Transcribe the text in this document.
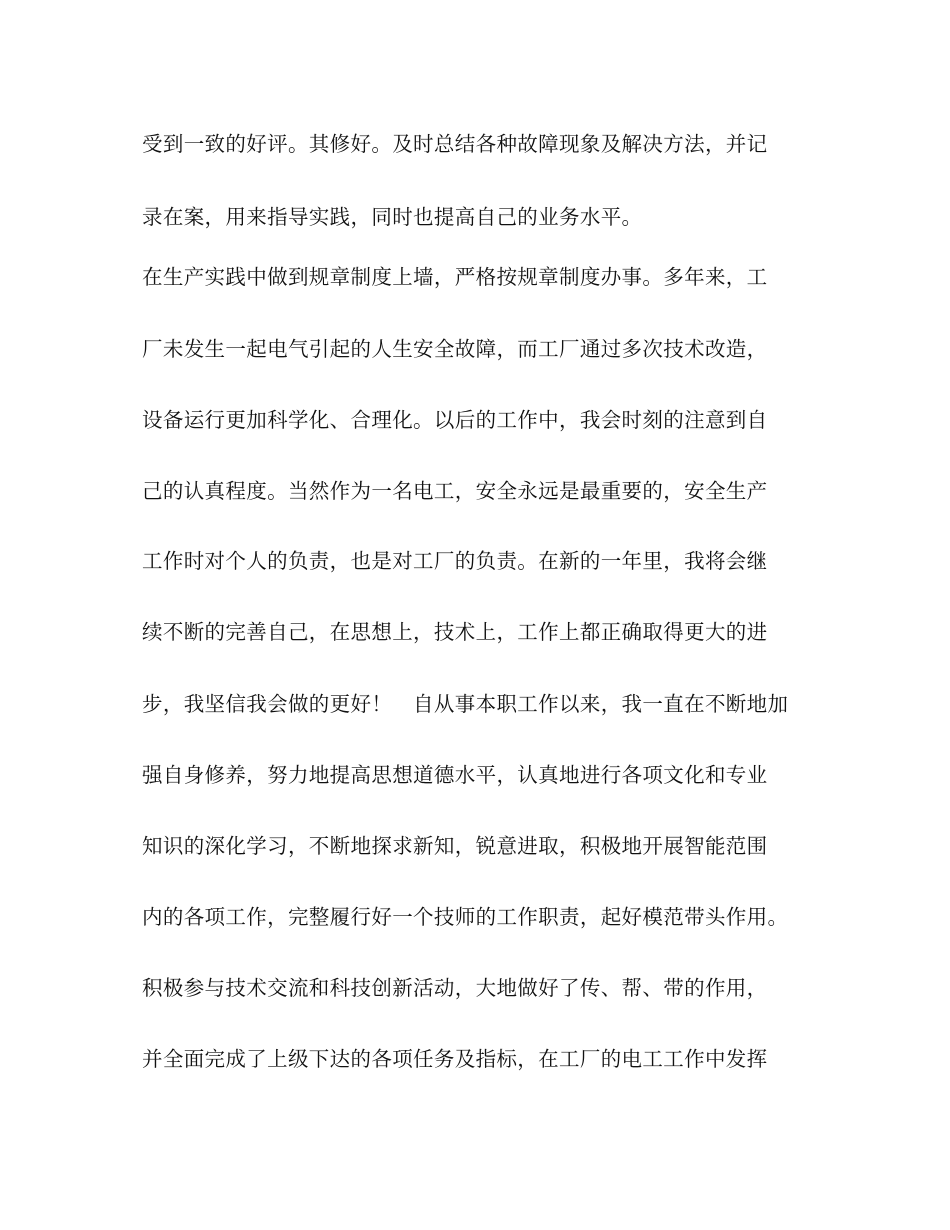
受到一致的好评。其修好。及时总结各种故障现象及解决方法，并记

录在案，用来指导实践，同时也提高自己的业务水平。

在生产实践中做到规章制度上墙，严格按规章制度办事。多年来，工

厂未发生一起电气引起的人生安全故障，而工厂通过多次技术改造，

设备运行更加科学化、合理化。以后的工作中，我会时刻的注意到自

己的认真程度。当然作为一名电工，安全永远是最重要的，安全生产

工作时对个人的负责，也是对工厂的负责。在新的一年里，我将会继

续不断的完善自己，在思想上，技术上，工作上都正确取得更大的进

步，我坚信我会做的更好！　自从事本职工作以来，我一直在不断地加

强自身修养，努力地提高思想道德水平，认真地进行各项文化和专业

知识的深化学习，不断地探求新知，锐意进取，积极地开展智能范围

内的各项工作，完整履行好一个技师的工作职责，起好模范带头作用。

积极参与技术交流和科技创新活动，大地做好了传、帮、带的作用，

并全面完成了上级下达的各项任务及指标，在工厂的电工工作中发挥
